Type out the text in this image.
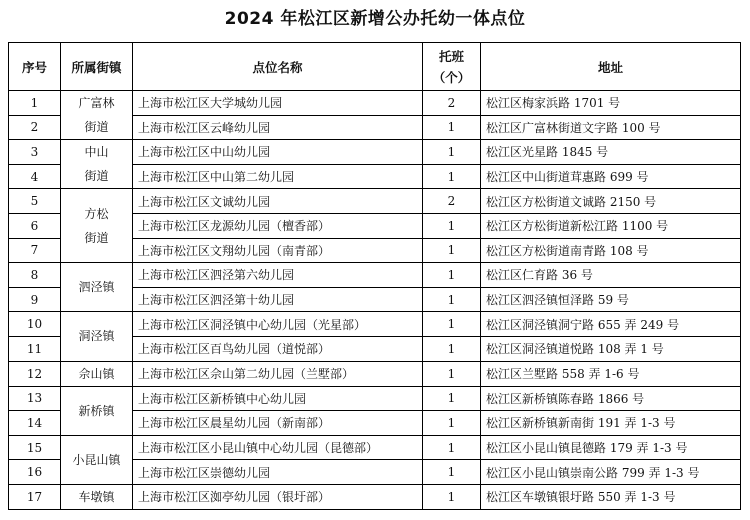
2024 年松江区新增公办托幼一体点位
序号	所属街镇	点位名称	托班
（个）	地址
1	广富林
街道	上海市松江区大学城幼儿园	2	松江区梅家浜路 1701 号
2		上海市松江区云峰幼儿园	1	松江区广富林街道文字路 100 号
3	中山
街道	上海市松江区中山幼儿园	1	松江区光星路 1845 号
4		上海市松江区中山第二幼儿园	1	松江区中山街道茸惠路 699 号
5	方松
街道	上海市松江区文诚幼儿园	2	松江区方松街道文诚路 2150 号
6		上海市松江区龙源幼儿园（檀香部）	1	松江区方松街道新松江路 1100 号
7		上海市松江区文翔幼儿园（南青部）	1	松江区方松街道南青路 108 号
8	泗泾镇	上海市松江区泗泾第六幼儿园	1	松江区仁育路 36 号
9		上海市松江区泗泾第十幼儿园	1	松江区泗泾镇恒泽路 59 号
10	洞泾镇	上海市松江区洞泾镇中心幼儿园（光星部）	1	松江区洞泾镇洞宁路 655 弄 249 号
11		上海市松江区百鸟幼儿园（道悦部）	1	松江区洞泾镇道悦路 108 弄 1 号
12	佘山镇	上海市松江区佘山第二幼儿园（兰墅部）	1	松江区兰墅路 558 弄 1-6 号
13	新桥镇	上海市松江区新桥镇中心幼儿园	1	松江区新桥镇陈春路 1866 号
14		上海市松江区晨星幼儿园（新南部）	1	松江区新桥镇新南街 191 弄 1-3 号
15	小昆山镇	上海市松江区小昆山镇中心幼儿园（昆德部）	1	松江区小昆山镇昆德路 179 弄 1-3 号
16		上海市松江区崇德幼儿园	1	松江区小昆山镇崇南公路 799 弄 1-3 号
17	车墩镇	上海市松江区洳亭幼儿园（银圩部）	1	松江区车墩镇银圩路 550 弄 1-3 号
